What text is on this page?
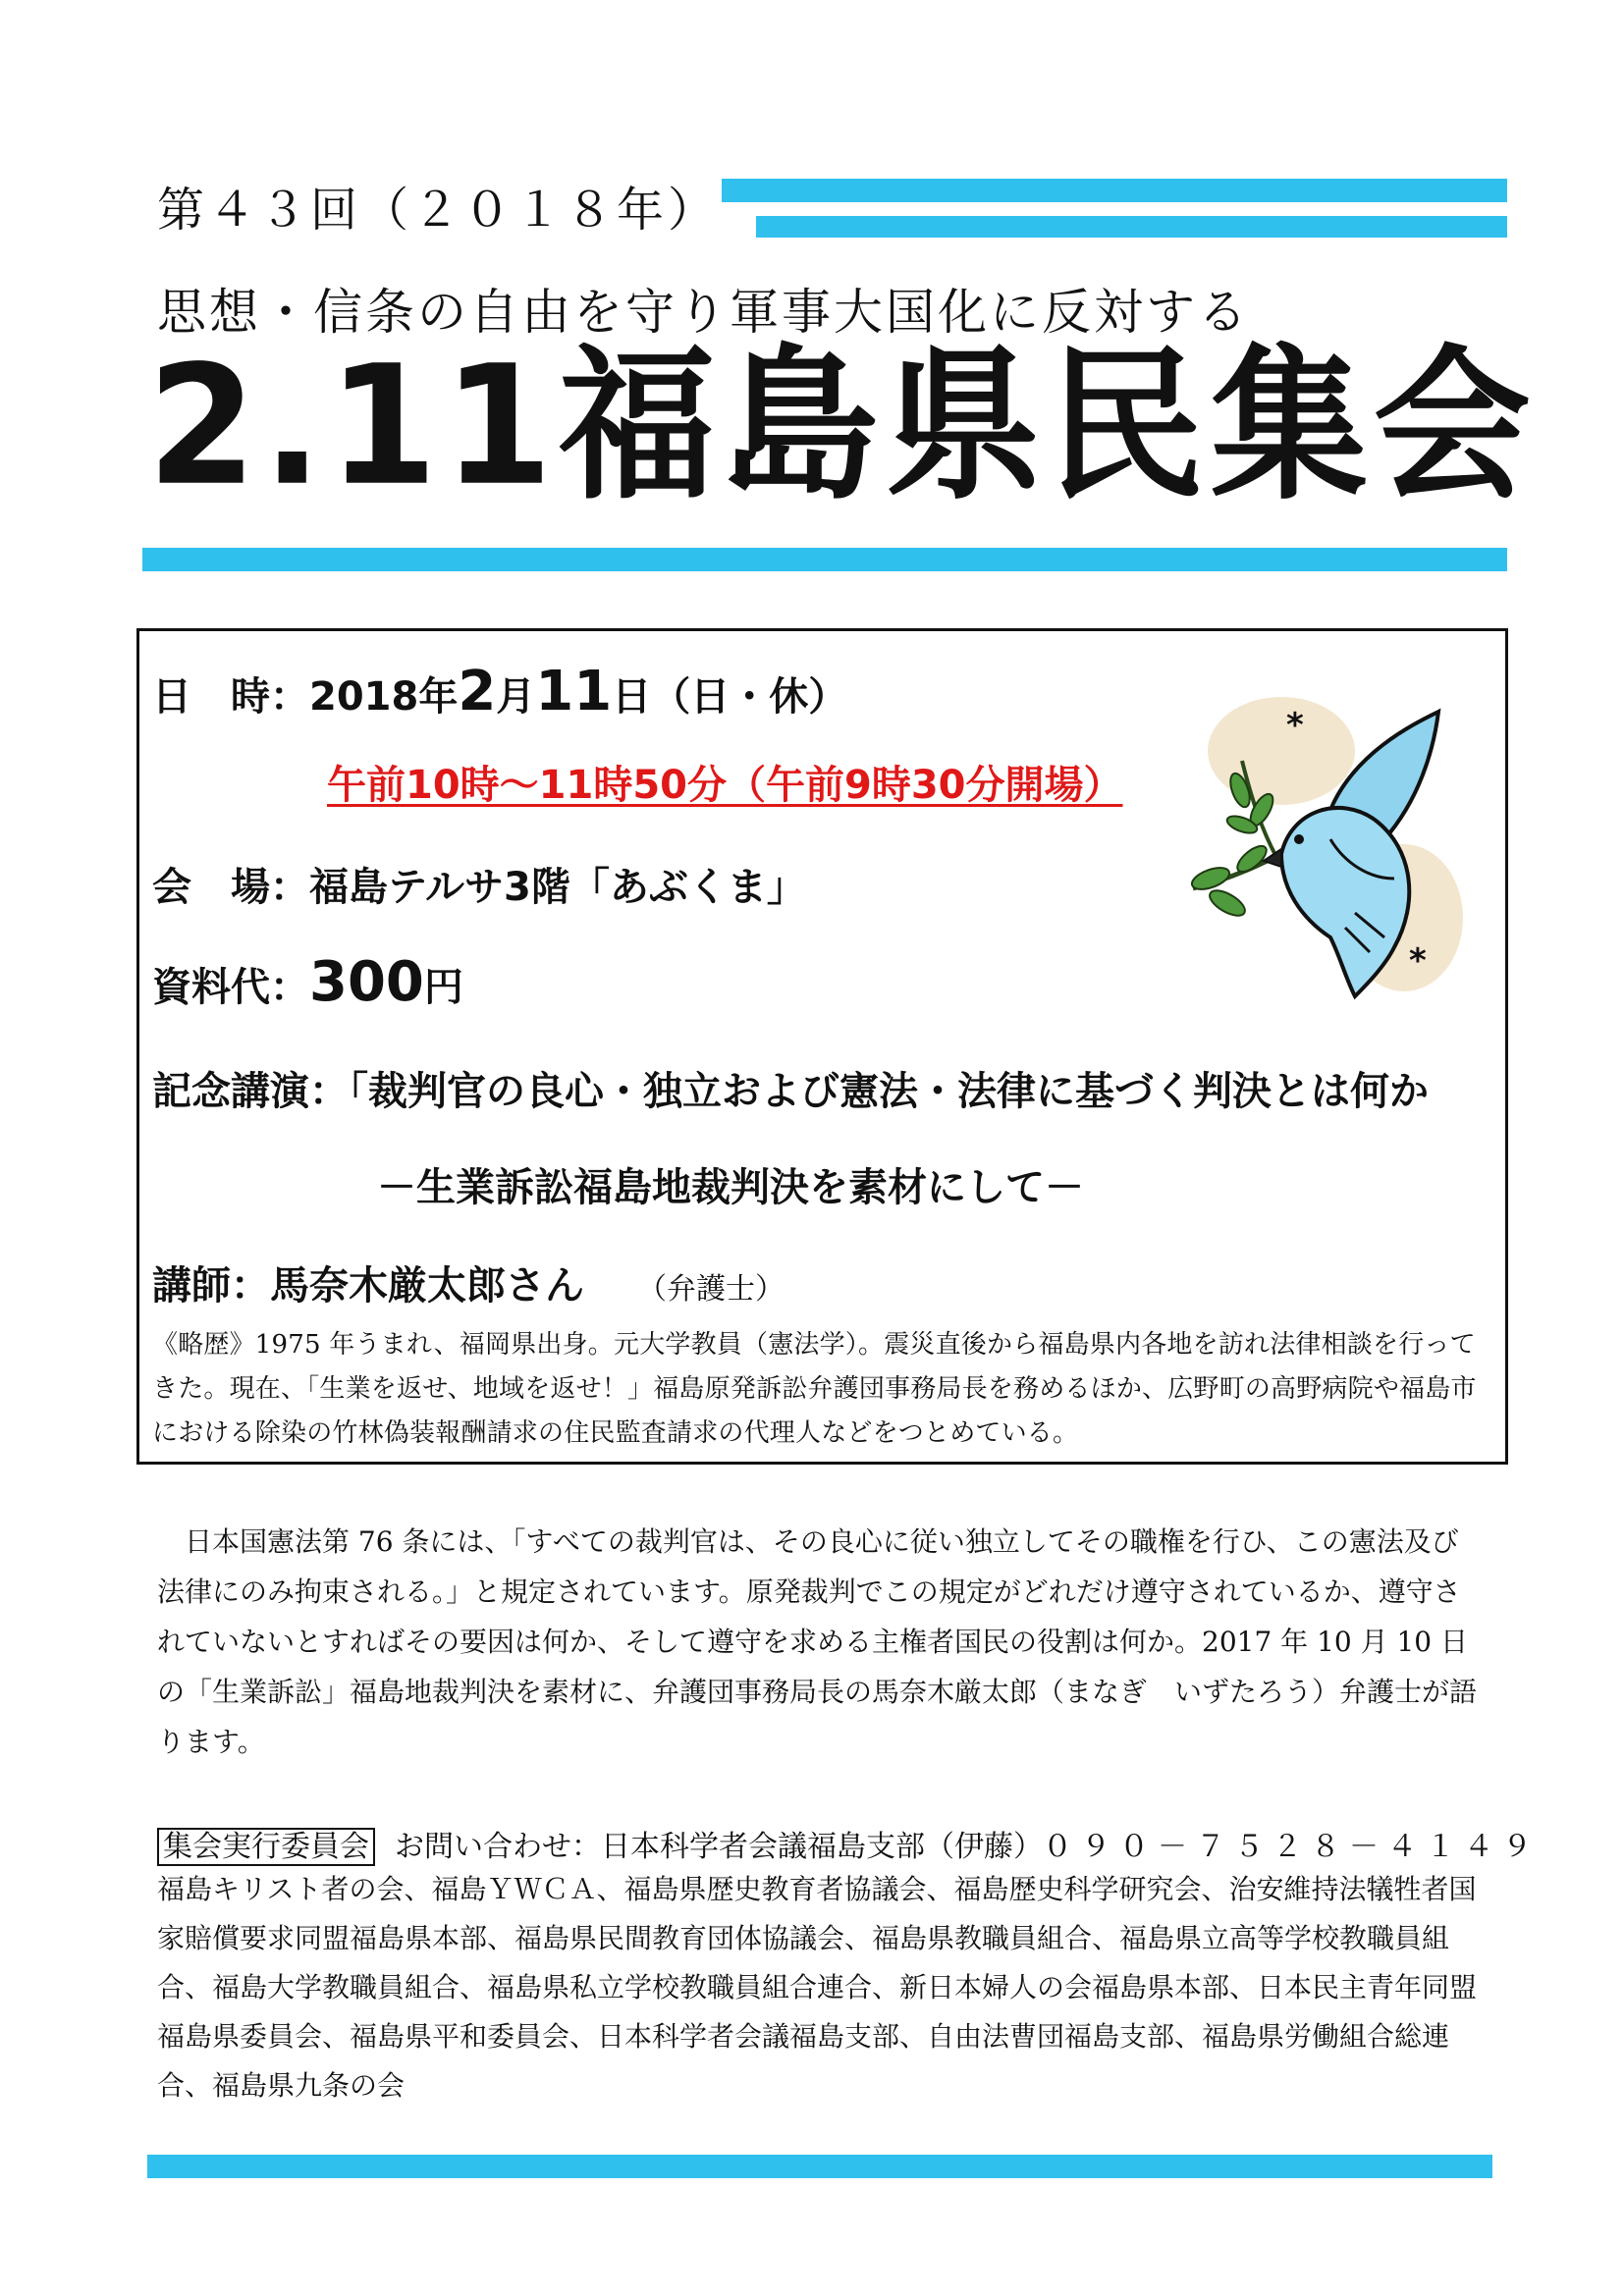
第４３回（２０１８年）
思想・信条の自由を守り軍事大国化に反対する
2.11福島県民集会
日　時：2018年2月11日（日・休）
午前10時～11時50分（午前9時30分開場）
会　場：福島テルサ3階「あぶくま」
資料代：300円
記念講演：「裁判官の良心・独立および憲法・法律に基づく判決とは何か
－生業訴訟福島地裁判決を素材にして－
講師：馬奈木厳太郎さん （弁護士）
《略歴》1975 年うまれ、福岡県出身。元大学教員（憲法学）。震災直後から福島県内各地を訪れ法律相談を行ってきた。現在、「生業を返せ、地域を返せ！」福島原発訴訟弁護団事務局長を務めるほか、広野町の高野病院や福島市における除染の竹林偽装報酬請求の住民監査請求の代理人などをつとめている。
*
*
日本国憲法第 76 条には、「すべての裁判官は、その良心に従い独立してその職権を行ひ、この憲法及び法律にのみ拘束される。」と規定されています。原発裁判でこの規定がどれだけ遵守されているか、遵守されていないとすればその要因は何か、そして遵守を求める主権者国民の役割は何か。2017 年 10 月 10 日の「生業訴訟」福島地裁判決を素材に、弁護団事務局長の馬奈木厳太郎（まなぎ　いずたろう）弁護士が語ります。
集会実行委員会 お問い合わせ：日本科学者会議福島支部（伊藤）０９０－７５２８－４１４９
福島キリスト者の会、福島ＹＷＣＡ、福島県歴史教育者協議会、福島歴史科学研究会、治安維持法犠牲者国家賠償要求同盟福島県本部、福島県民間教育団体協議会、福島県教職員組合、福島県立高等学校教職員組合、福島大学教職員組合、福島県私立学校教職員組合連合、新日本婦人の会福島県本部、日本民主青年同盟福島県委員会、福島県平和委員会、日本科学者会議福島支部、自由法曹団福島支部、福島県労働組合総連合、福島県九条の会
